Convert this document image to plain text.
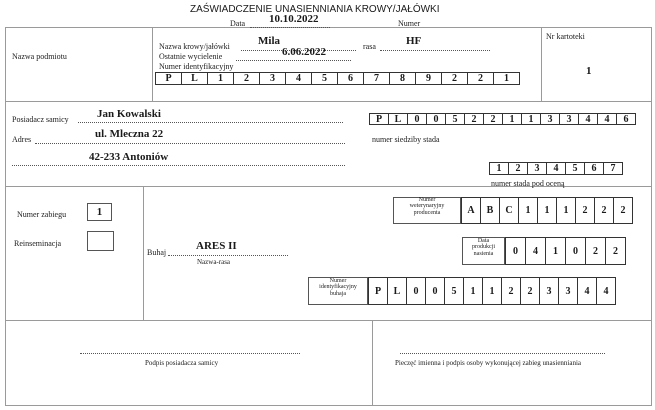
ZAŚWIADCZENIE UNASIENNIANIA KROWY/JAŁÓWKI
Data 10.10.2022	Numer
Nr kartoteki
1
Nazwa podmiotu
Nazwa krowy/jałówki	Mila	rasa	HF
Ostatnie wycielenie	6.06.2022
Numer identyfikacyjny
P	L	1	2	3	4	5	6	7	8	9	2	2	1
Posiadacz samicy	Jan Kowalski
Adres	ul. Mleczna 22
42-233 Antoniów
P	L	0	0	5	2	2	1	1	3	3	4	4	6
numer siedziby stada
1	2	3	4	5	6	7
numer stada pod oceną
Numer zabiegu	1
Reinseminacja
Buhaj
ARES II
Nazwa-rasa
Numer
weterynaryjny
producenta	A	B	C	1	1	1	2	2	2
Data
produkcji
nasienia	0	4	1	0	2	2
Numer
identyfikacyjny
buhaja	P	L	0	0	5	1	1	2	2	3	3	4	4
Podpis posiadacza samicy	Pieczęć imienna i podpis osoby wykonującej zabieg unasienniania
